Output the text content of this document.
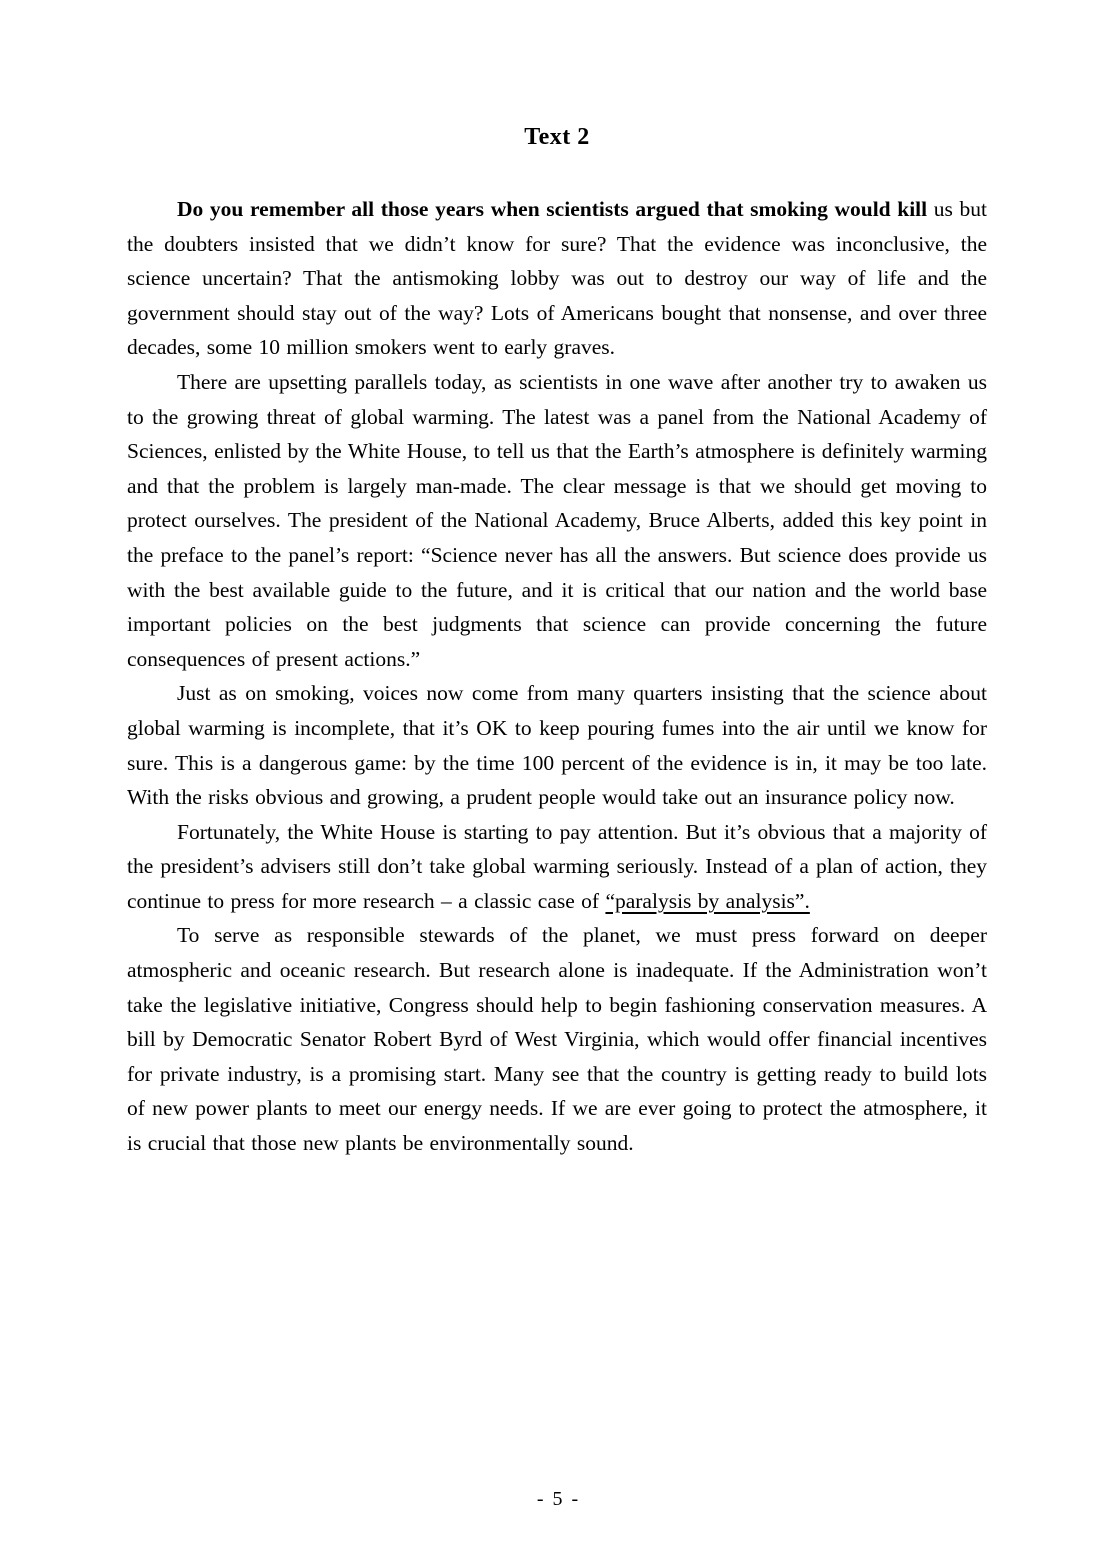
Text 2

Do you remember all those years when scientists argued that smoking would kill us but the doubters insisted that we didn’t know for sure? That the evidence was inconclusive, the science uncertain? That the antismoking lobby was out to destroy our way of life and the government should stay out of the way? Lots of Americans bought that nonsense, and over three decades, some 10 million smokers went to early graves.

There are upsetting parallels today, as scientists in one wave after another try to awaken us to the growing threat of global warming. The latest was a panel from the National Academy of Sciences, enlisted by the White House, to tell us that the Earth’s atmosphere is definitely warming and that the problem is largely man-made. The clear message is that we should get moving to protect ourselves. The president of the National Academy, Bruce Alberts, added this key point in the preface to the panel’s report: “Science never has all the answers. But science does provide us with the best available guide to the future, and it is critical that our nation and the world base important policies on the best judgments that science can provide concerning the future consequences of present actions.”

Just as on smoking, voices now come from many quarters insisting that the science about global warming is incomplete, that it’s OK to keep pouring fumes into the air until we know for sure. This is a dangerous game: by the time 100 percent of the evidence is in, it may be too late. With the risks obvious and growing, a prudent people would take out an insurance policy now.

Fortunately, the White House is starting to pay attention. But it’s obvious that a majority of the president’s advisers still don’t take global warming seriously. Instead of a plan of action, they continue to press for more research – a classic case of “paralysis by analysis”.

To serve as responsible stewards of the planet, we must press forward on deeper atmospheric and oceanic research. But research alone is inadequate. If the Administration won’t take the legislative initiative, Congress should help to begin fashioning conservation measures. A bill by Democratic Senator Robert Byrd of West Virginia, which would offer financial incentives for private industry, is a promising start. Many see that the country is getting ready to build lots of new power plants to meet our energy needs. If we are ever going to protect the atmosphere, it is crucial that those new plants be environmentally sound.

- 5 -
